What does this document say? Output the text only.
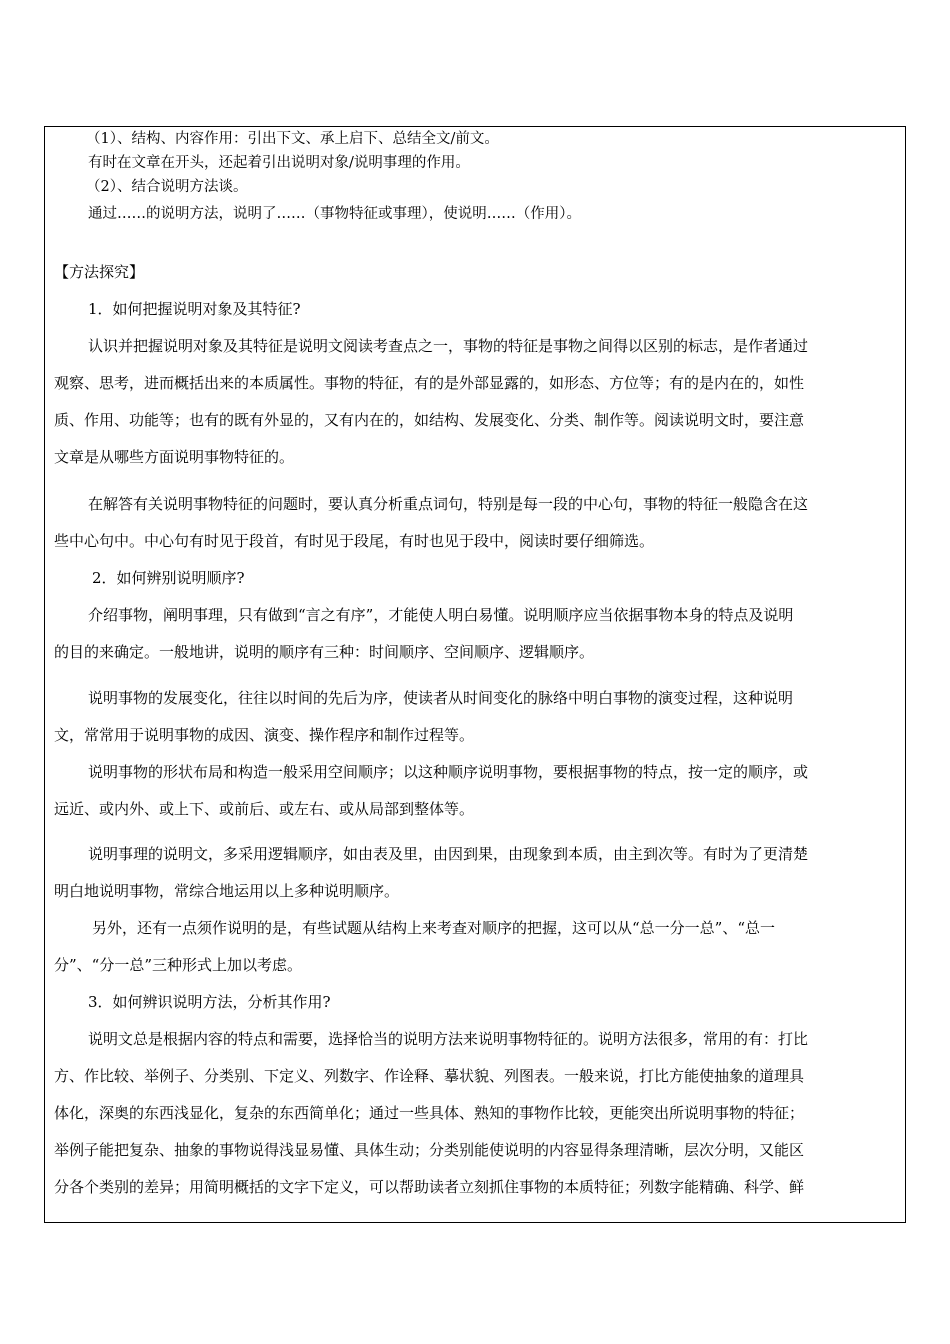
（1）、结构、内容作用：引出下文、承上启下、总结全文/前文。
有时在文章在开头，还起着引出说明对象/说明事理的作用。
（2）、结合说明方法谈。
通过……的说明方法，说明了……（事物特征或事理），使说明……（作用）。
【方法探究】
1．如何把握说明对象及其特征?
认识并把握说明对象及其特征是说明文阅读考查点之一，事物的特征是事物之间得以区别的标志，是作者通过
观察、思考，进而概括出来的本质属性。事物的特征，有的是外部显露的，如形态、方位等；有的是内在的，如性
质、作用、功能等；也有的既有外显的，又有内在的，如结构、发展变化、分类、制作等。阅读说明文时，要注意
文章是从哪些方面说明事物特征的。
在解答有关说明事物特征的问题时，要认真分析重点词句，特别是每一段的中心句，事物的特征一般隐含在这
些中心句中。中心句有时见于段首，有时见于段尾，有时也见于段中，阅读时要仔细筛选。
2．如何辨别说明顺序?
介绍事物，阐明事理，只有做到“言之有序”，才能使人明白易懂。说明顺序应当依据事物本身的特点及说明
的目的来确定。一般地讲，说明的顺序有三种：时间顺序、空间顺序、逻辑顺序。
说明事物的发展变化，往往以时间的先后为序，使读者从时间变化的脉络中明白事物的演变过程，这种说明
文，常常用于说明事物的成因、演变、操作程序和制作过程等。
说明事物的形状布局和构造一般采用空间顺序；以这种顺序说明事物，要根据事物的特点，按一定的顺序，或
远近、或内外、或上下、或前后、或左右、或从局部到整体等。
说明事理的说明文，多采用逻辑顺序，如由表及里，由因到果，由现象到本质，由主到次等。有时为了更清楚
明白地说明事物，常综合地运用以上多种说明顺序。
另外，还有一点须作说明的是，有些试题从结构上来考查对顺序的把握，这可以从“总一分一总”、“总一
分”、“分一总”三种形式上加以考虑。
3．如何辨识说明方法，分析其作用?
说明文总是根据内容的特点和需要，选择恰当的说明方法来说明事物特征的。说明方法很多，常用的有：打比
方、作比较、举例子、分类别、下定义、列数字、作诠释、摹状貌、列图表。一般来说，打比方能使抽象的道理具
体化，深奥的东西浅显化，复杂的东西简单化；通过一些具体、熟知的事物作比较，更能突出所说明事物的特征；
举例子能把复杂、抽象的事物说得浅显易懂、具体生动；分类别能使说明的内容显得条理清晰，层次分明，又能区
分各个类别的差异；用简明概括的文字下定义，可以帮助读者立刻抓住事物的本质特征；列数字能精确、科学、鲜
